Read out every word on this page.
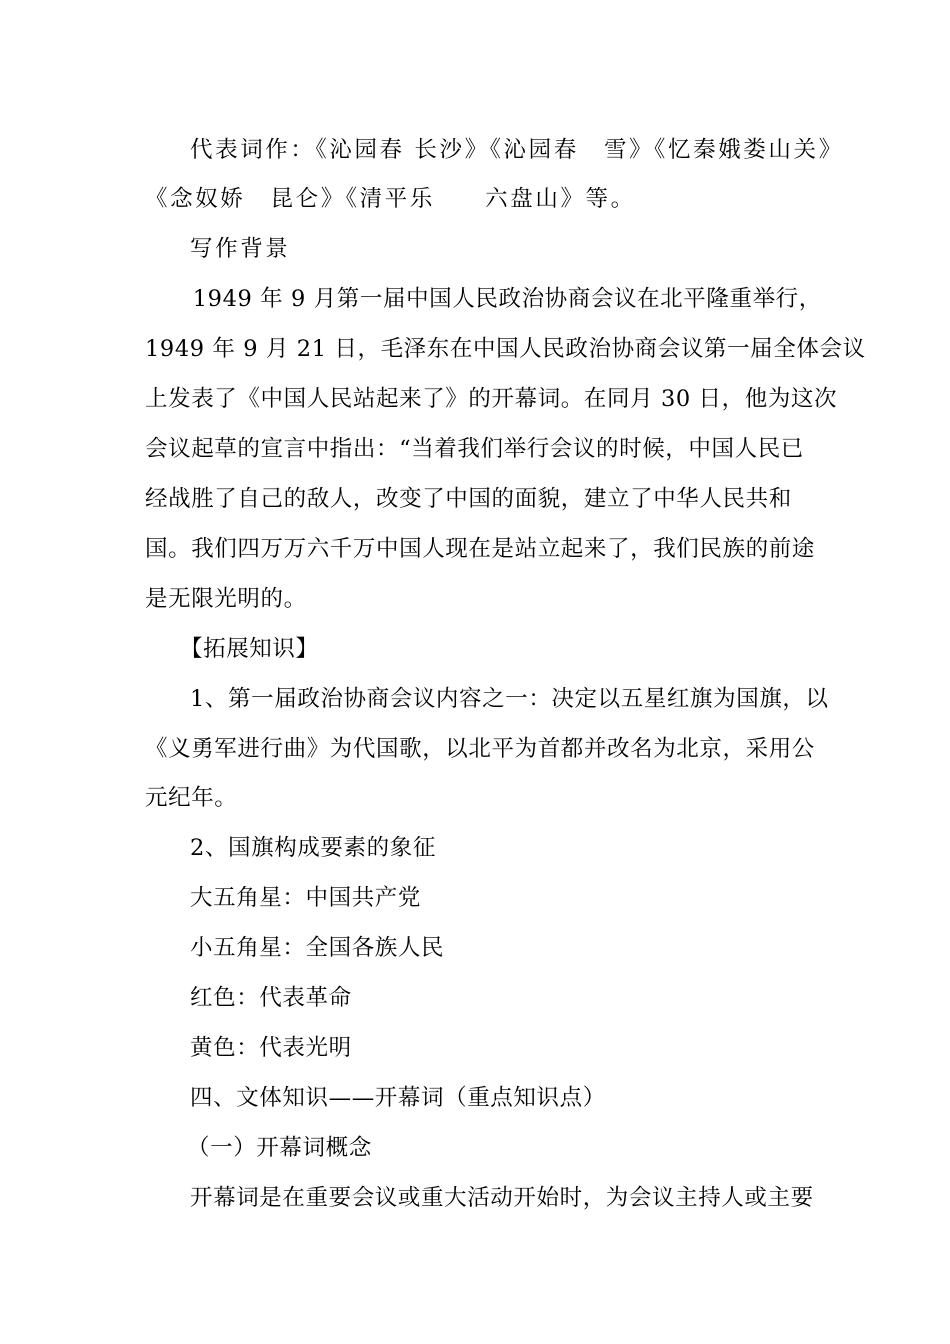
代表词作：《沁园春 长沙》《沁园春　雪》《忆秦娥娄山关》
《念奴娇　昆仑》《清平乐　　六盘山》等。
写作背景
1949 年 9 月第一届中国人民政治协商会议在北平隆重举行，
1949 年 9 月 21 日，毛泽东在中国人民政治协商会议第一届全体会议
上发表了《中国人民站起来了》的开幕词。在同月 30 日，他为这次
会议起草的宣言中指出：“当着我们举行会议的时候，中国人民已
经战胜了自己的敌人，改变了中国的面貌，建立了中华人民共和
国。我们四万万六千万中国人现在是站立起来了，我们民族的前途
是无限光明的。
【拓展知识】
1、第一届政治协商会议内容之一：决定以五星红旗为国旗，以
《义勇军进行曲》为代国歌，以北平为首都并改名为北京，采用公
元纪年。
2、国旗构成要素的象征
大五角星：中国共产党
小五角星：全国各族人民
红色：代表革命
黄色：代表光明
四、文体知识——开幕词（重点知识点）
（一）开幕词概念
开幕词是在重要会议或重大活动开始时，为会议主持人或主要
